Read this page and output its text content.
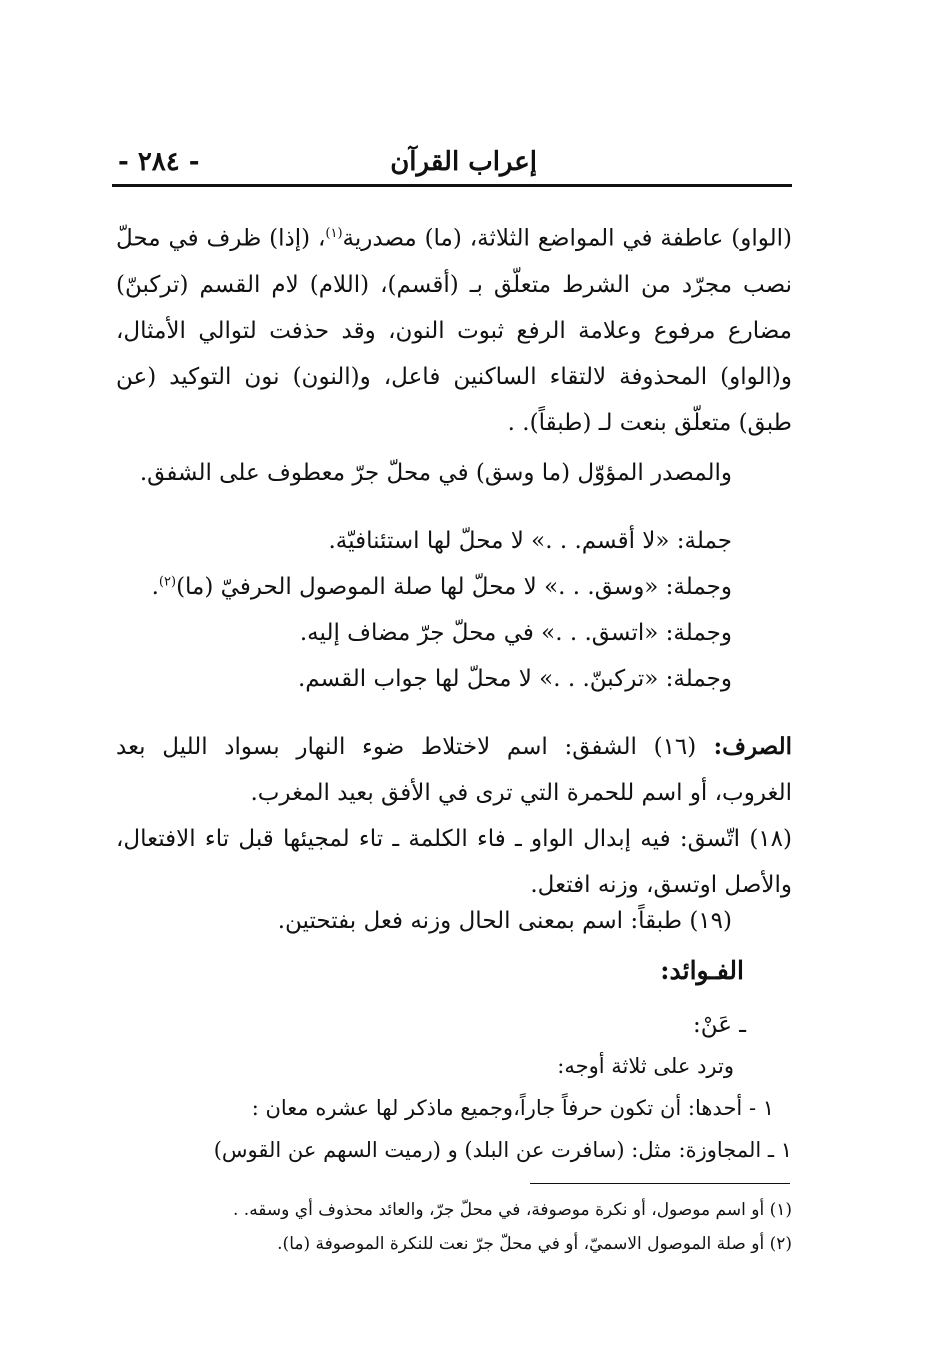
إعراب القرآن
- ٢٨٤ -
(الواو) عاطفة في المواضع الثلاثة، (ما) مصدرية$^{(١)}$، (إذا) ظرف في محلّ نصب مجرّد من الشرط متعلّق بـ (أقسم)، (اللام) لام القسم (تركبنّ) مضارع مرفوع وعلامة الرفع ثبوت النون، وقد حذفت لتوالي الأمثال، و(الواو) المحذوفة لالتقاء الساكنين فاعل، و(النون) نون التوكيد (عن طبق) متعلّق بنعت لـ (طبقاً). .
والمصدر المؤوّل (ما وسق) في محلّ جرّ معطوف على الشفق.
جملة: «لا أقسم. . .» لا محلّ لها استئنافيّة.
وجملة: «وسق. . .» لا محلّ لها صلة الموصول الحرفيّ (ما)$^{(٢)}$.
وجملة: «اتسق. . .» في محلّ جرّ مضاف إليه.
وجملة: «تركبنّ. . .» لا محلّ لها جواب القسم.
الصرف: (١٦) الشفق: اسم لاختلاط ضوء النهار بسواد الليل بعد الغروب، أو اسم للحمرة التي ترى في الأفق بعيد المغرب.
(١٨) اتّسق: فيه إبدال الواو ـ فاء الكلمة ـ تاء لمجيئها قبل تاء الافتعال، والأصل اوتسق، وزنه افتعل.
(١٩) طبقاً: اسم بمعنى الحال وزنه فعل بفتحتين.
الفـوائد:
ـ عَنْ:
وترد على ثلاثة أوجه:
١ - أحدها: أن تكون حرفاً جاراً،وجميع ماذكر لها عشره معان :
١ ـ المجاوزة: مثل: (سافرت عن البلد) و (رميت السهم عن القوس)
(١) أو اسم موصول، أو نكرة موصوفة، في محلّ جرّ، والعائد محذوف أي وسقه. .
(٢) أو صلة الموصول الاسميّ، أو في محلّ جرّ نعت للنكرة الموصوفة (ما).
